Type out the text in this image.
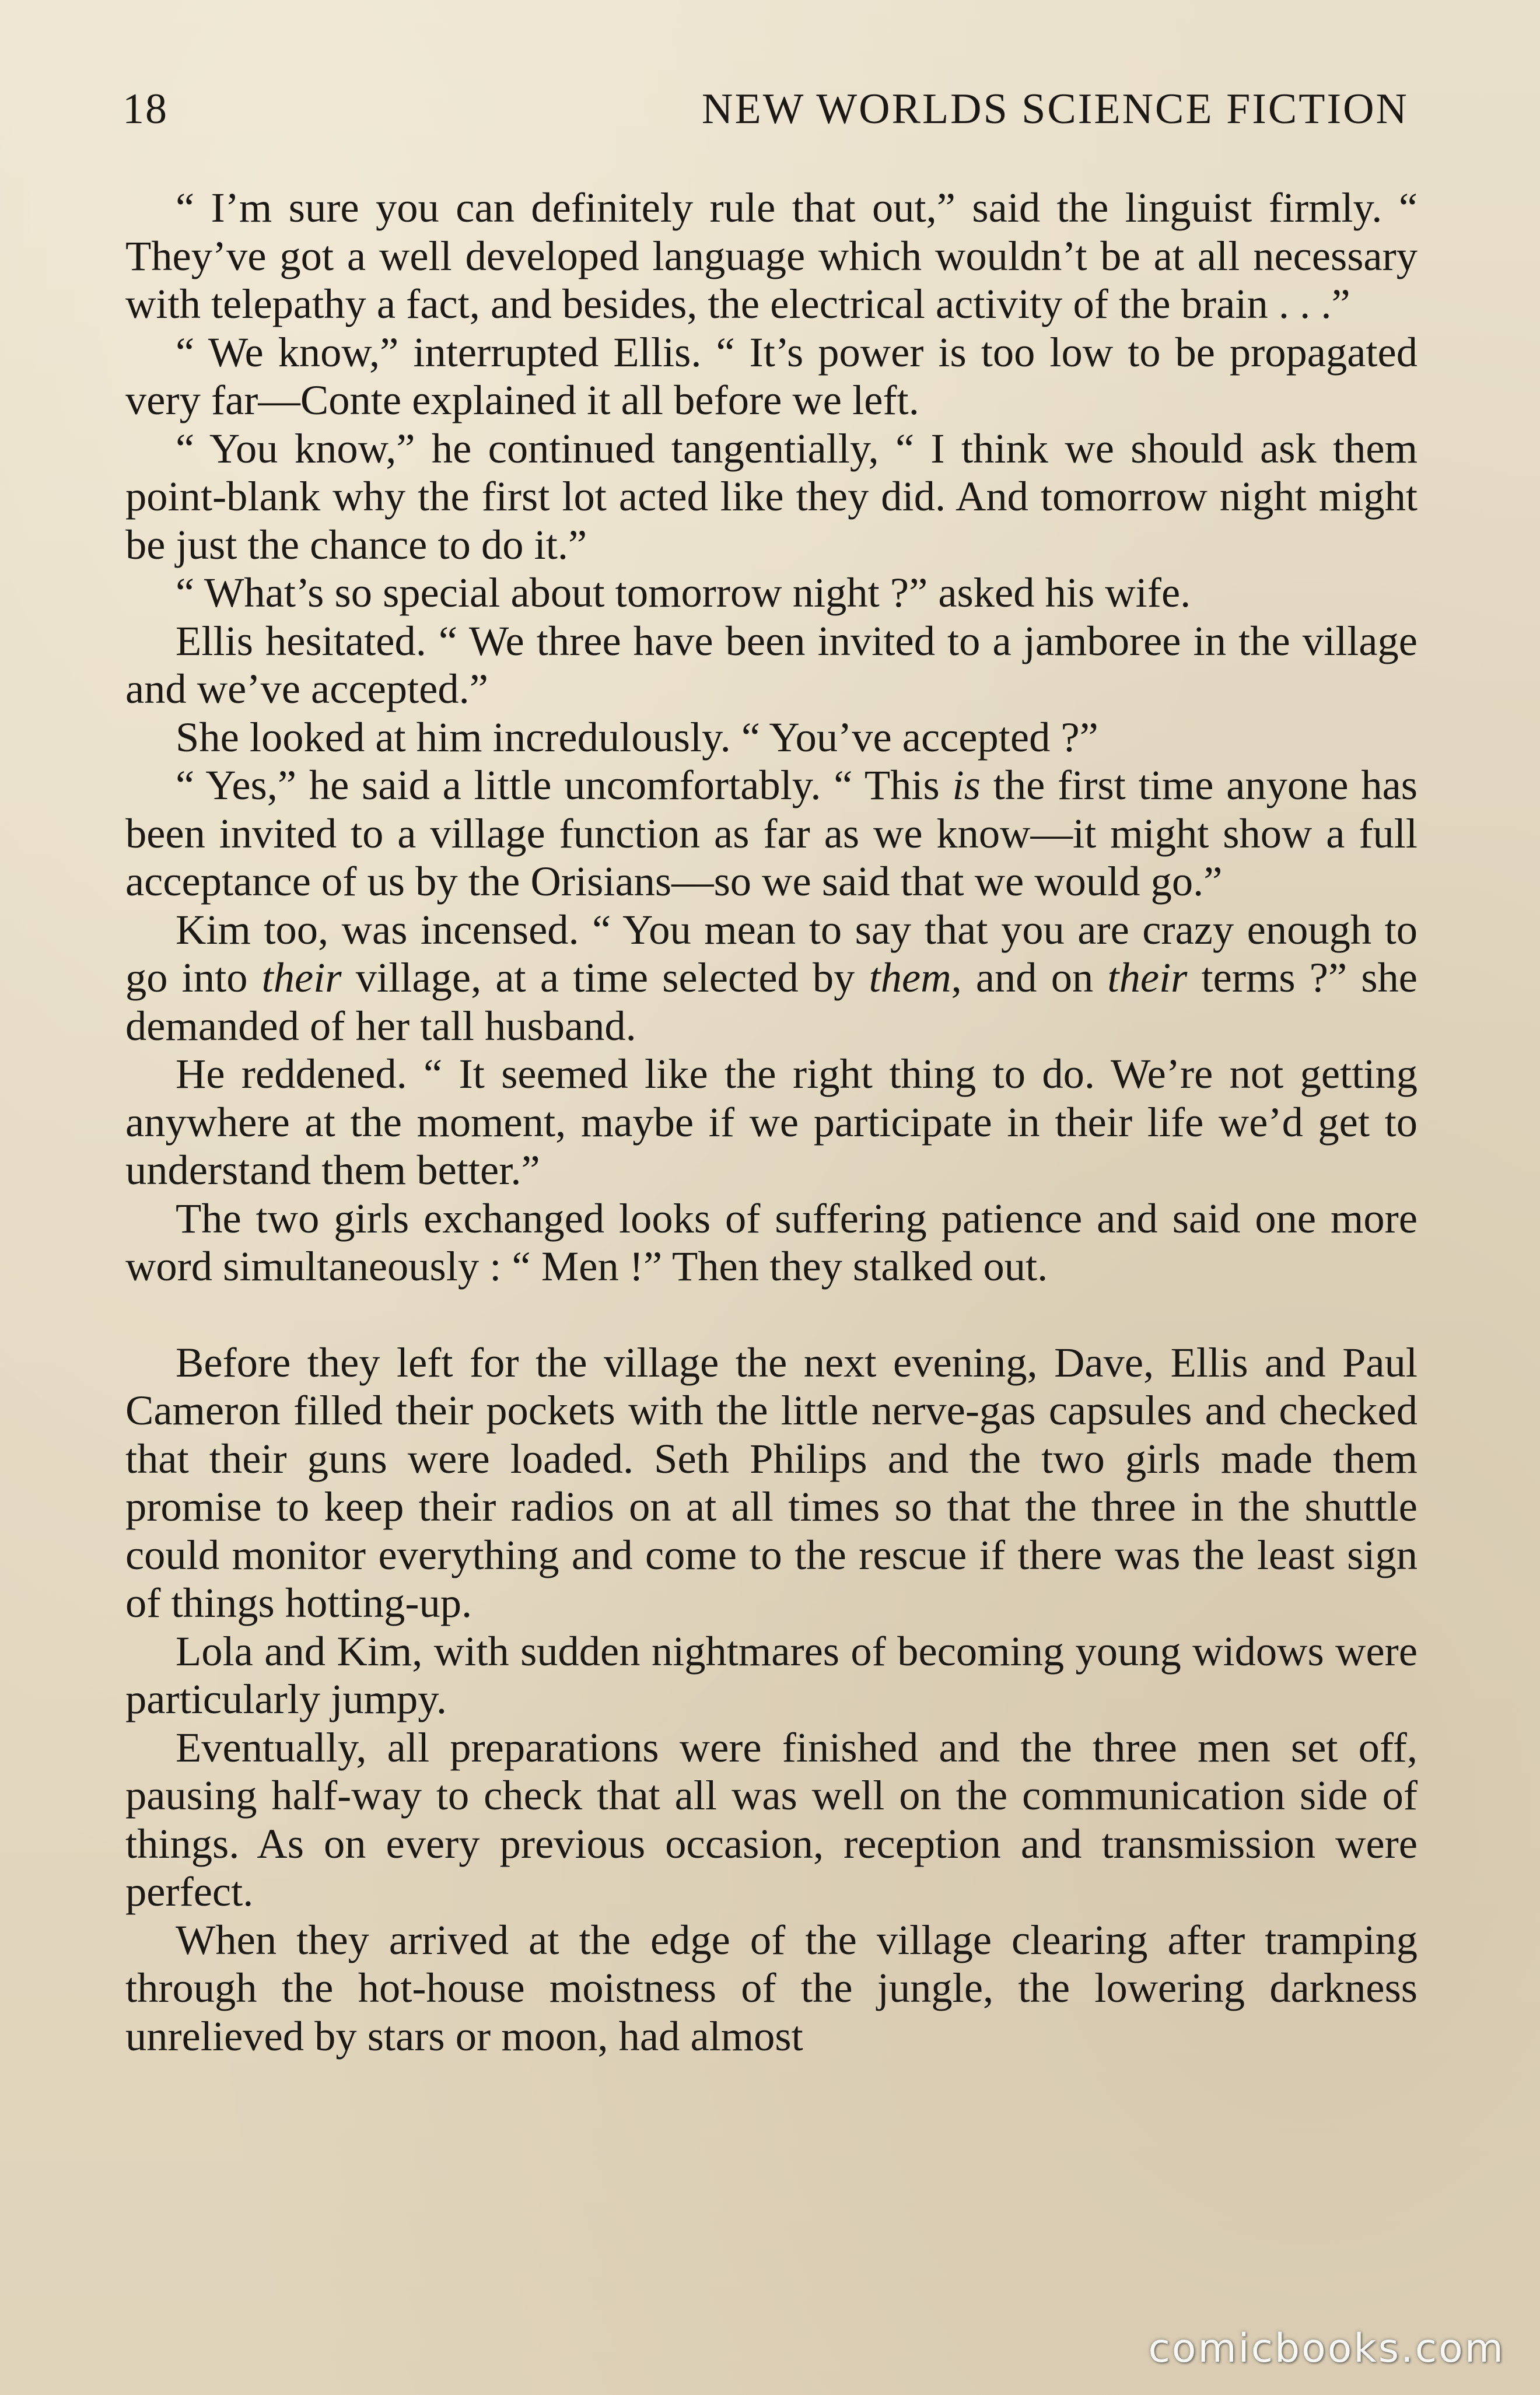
18	NEW WORLDS SCIENCE FICTION

“ I’m sure you can definitely rule that out,” said the linguist firmly. “ They’ve got a well developed language which wouldn’t be at all necessary with telepathy a fact, and besides, the electrical activity of the brain . . .”

“ We know,” interrupted Ellis. “ It’s power is too low to be propagated very far—Conte explained it all before we left.

“ You know,” he continued tangentially, “ I think we should ask them point-blank why the first lot acted like they did. And tomorrow night might be just the chance to do it.”

“ What’s so special about tomorrow night ?” asked his wife.

Ellis hesitated. “ We three have been invited to a jamboree in the village and we’ve accepted.”

She looked at him incredulously. “ You’ve accepted ?”

“ Yes,” he said a little uncomfortably. “ This is the first time anyone has been invited to a village function as far as we know—it might show a full acceptance of us by the Orisians—so we said that we would go.”

Kim too, was incensed. “ You mean to say that you are crazy enough to go into their village, at a time selected by them, and on their terms ?” she demanded of her tall husband.

He reddened. “ It seemed like the right thing to do. We’re not getting anywhere at the moment, maybe if we participate in their life we’d get to understand them better.”

The two girls exchanged looks of suffering patience and said one more word simultaneously : “ Men !” Then they stalked out.

Before they left for the village the next evening, Dave, Ellis and Paul Cameron filled their pockets with the little nerve-gas capsules and checked that their guns were loaded. Seth Philips and the two girls made them promise to keep their radios on at all times so that the three in the shuttle could monitor everything and come to the rescue if there was the least sign of things hotting-up.

Lola and Kim, with sudden nightmares of becoming young widows were particularly jumpy.

Eventually, all preparations were finished and the three men set off, pausing half-way to check that all was well on the communication side of things. As on every previous occasion, reception and transmission were perfect.

When they arrived at the edge of the village clearing after tramping through the hot-house moistness of the jungle, the lowering darkness unrelieved by stars or moon, had almost

comicbooks.com
